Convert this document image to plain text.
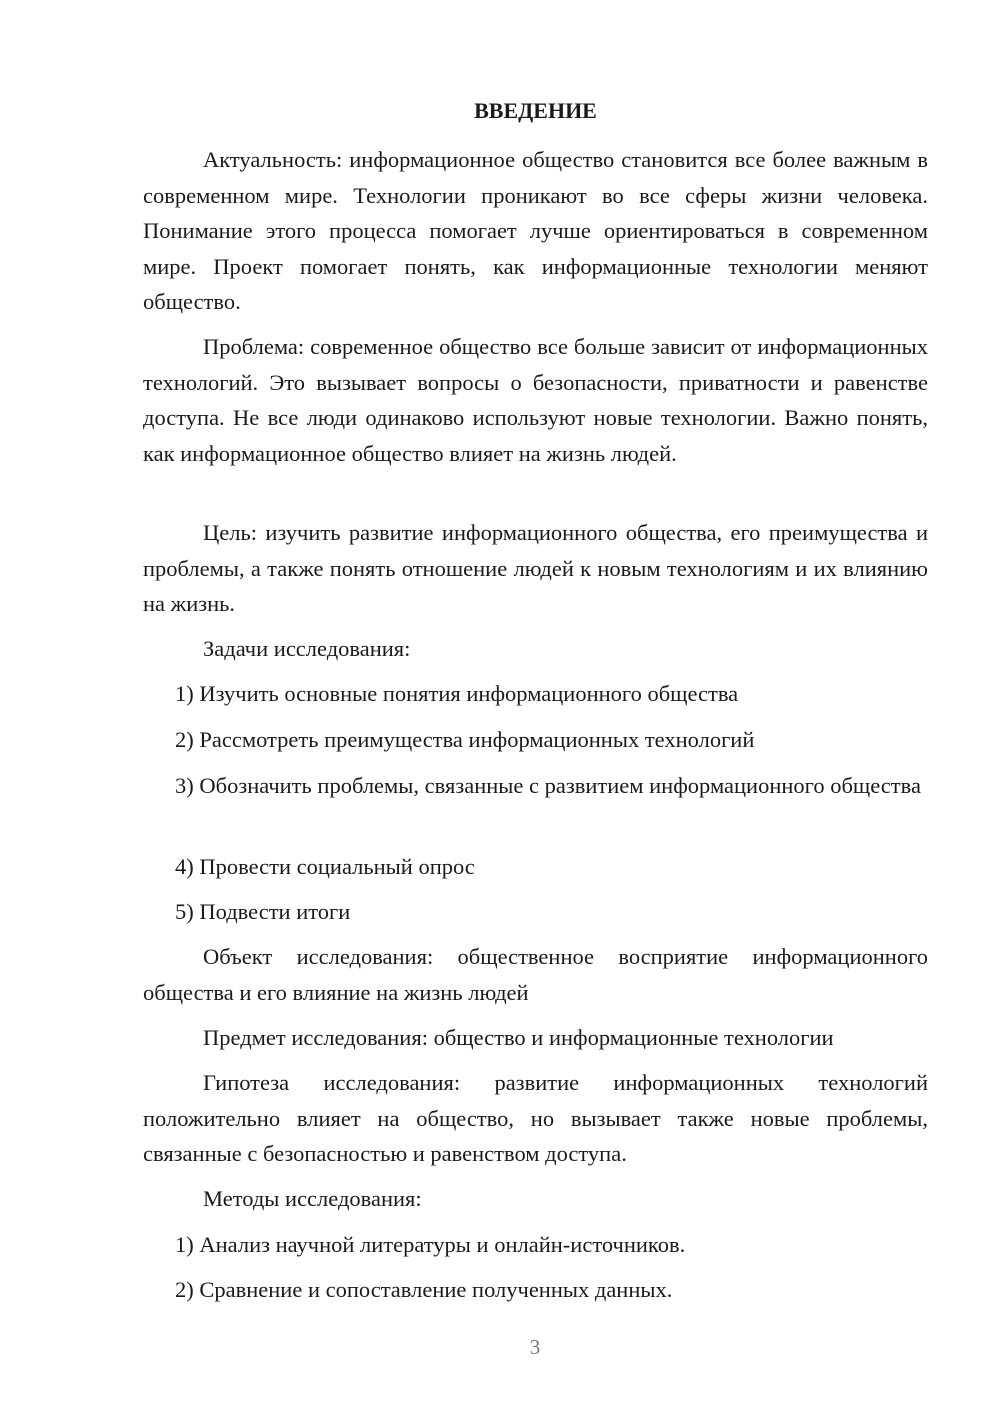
ВВЕДЕНИЕ

Актуальность: информационное общество становится все более важным в современном мире. Технологии проникают во все сферы жизни человека. Понимание этого процесса помогает лучше ориентироваться в современном мире. Проект помогает понять, как информационные технологии меняют общество.

Проблема: современное общество все больше зависит от информационных технологий. Это вызывает вопросы о безопасности, приватности и равенстве доступа. Не все люди одинаково используют новые технологии. Важно понять, как информационное общество влияет на жизнь людей.

Цель: изучить развитие информационного общества, его преимущества и проблемы, а также понять отношение людей к новым технологиям и их влиянию на жизнь.

Задачи исследования:

1) Изучить основные понятия информационного общества

2) Рассмотреть преимущества информационных технологий

3) Обозначить проблемы, связанные с развитием информационного общества

4) Провести социальный опрос

5) Подвести итоги

Объект исследования: общественное восприятие информационного общества и его влияние на жизнь людей

Предмет исследования: общество и информационные технологии

Гипотеза исследования: развитие информационных технологий положительно влияет на общество, но вызывает также новые проблемы, связанные с безопасностью и равенством доступа.

Методы исследования:

1) Анализ научной литературы и онлайн-источников.

2) Сравнение и сопоставление полученных данных.

3
